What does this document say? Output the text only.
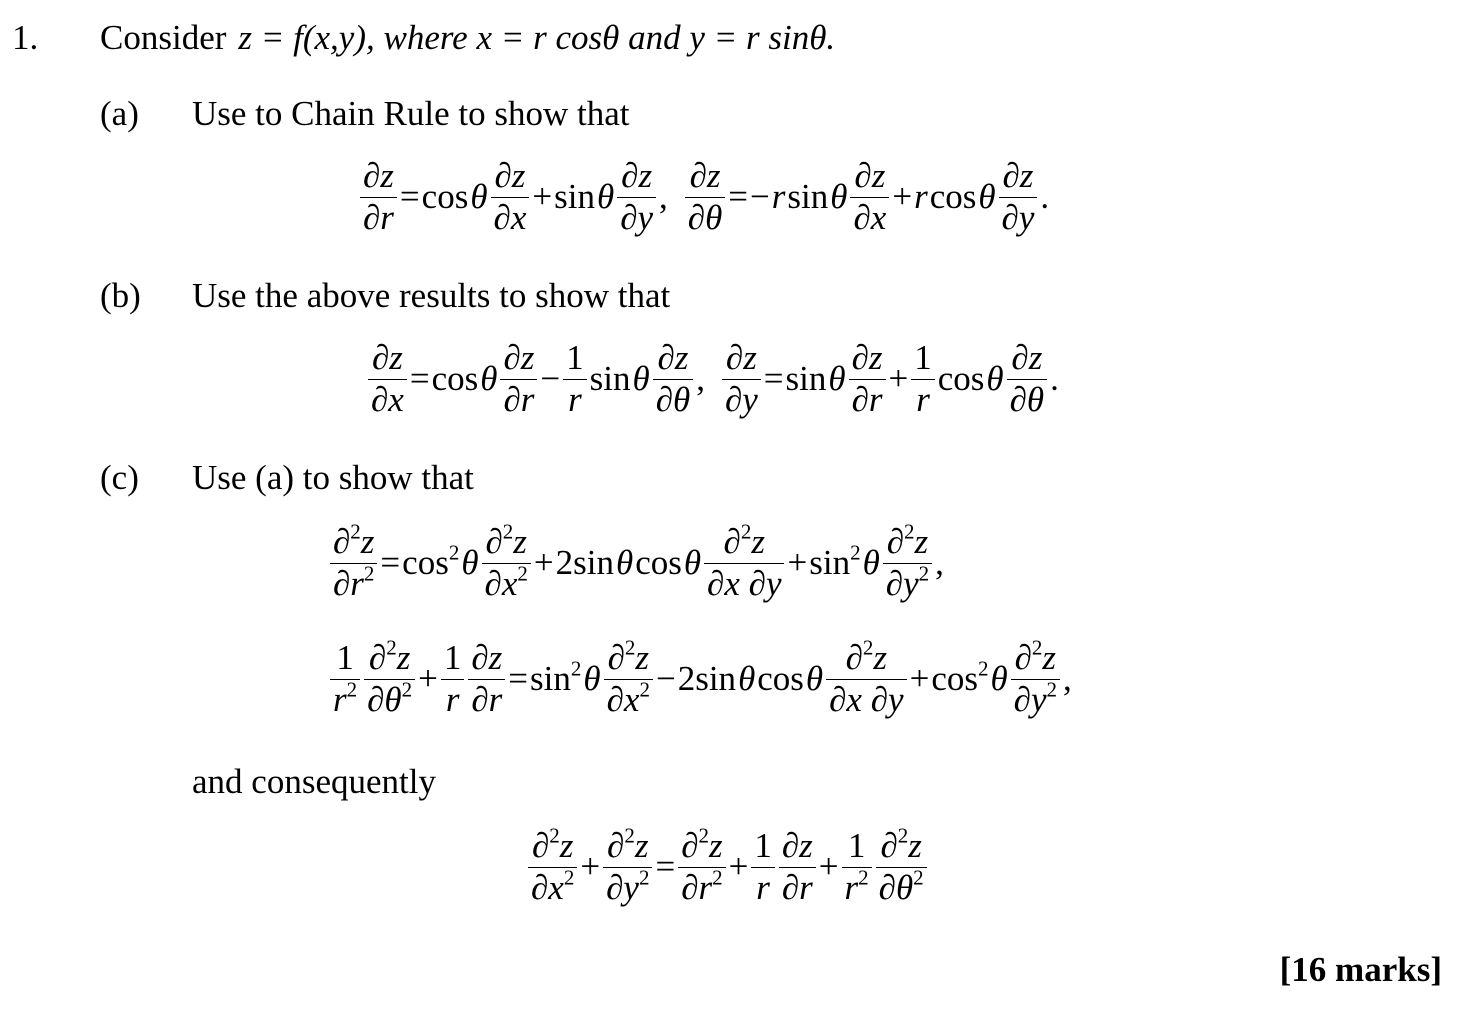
1. Consider z = f(x,y), where x = r cosθ and y = r sinθ.
(a) Use to Chain Rule to show that
$\frac{\partial z}{\partial r} = \cos \theta \frac{\partial z}{\partial x} + \sin \theta \frac{\partial z}{\partial y}$ , $\frac{\partial z}{\partial\theta}$ = − r sin θ $\frac{\partial z}{\partial x} + r$ cos θ $\frac{\partial z}{\partial y}$ .
(b) Use the above results to show that
$\frac{\partial z}{\partial x} = \cos \theta \frac{\partial z}{\partial r} - \frac{1}{r}$ sin θ $\frac{\partial z}{\partial\theta}$ , $\frac{\partial z}{\partial y} = \sin \theta \frac{\partial z}{\partial r} + \frac{1}{r}$ cos θ $\frac{\partial z}{\partial\theta}$ .
(c) Use (a) to show that
$\frac{\partial^2z}{\partial r^2} = \cos^2 \theta \frac{\partial^2z}{\partial x^2} + 2\sin$ θ cos θ $\frac{\partial^2z}{\partial x \partial y} + \sin^2 \theta \frac{\partial^2z}{\partial y^2}$ ,
$\frac{1}{r^2} \frac{\partial^2z}{\partial\theta^2} + \frac{1}{r} \frac{\partial z}{\partial r} = \sin^2 \theta \frac{\partial^2z}{\partial x^2} - 2\sin$ θ cos θ $\frac{\partial^2z}{\partial x \partial y} + \cos^2 \theta \frac{\partial^2z}{\partial y^2}$ ,
and consequently
$\frac{\partial^2z}{\partial x^2} + \frac{\partial^2z}{\partial y^2} = \frac{\partial^2z}{\partial r^2} + \frac{1}{r} \frac{\partial z}{\partial r} + \frac{1}{r^2} \frac{\partial^2z}{\partial\theta^2}$
[16 marks]
